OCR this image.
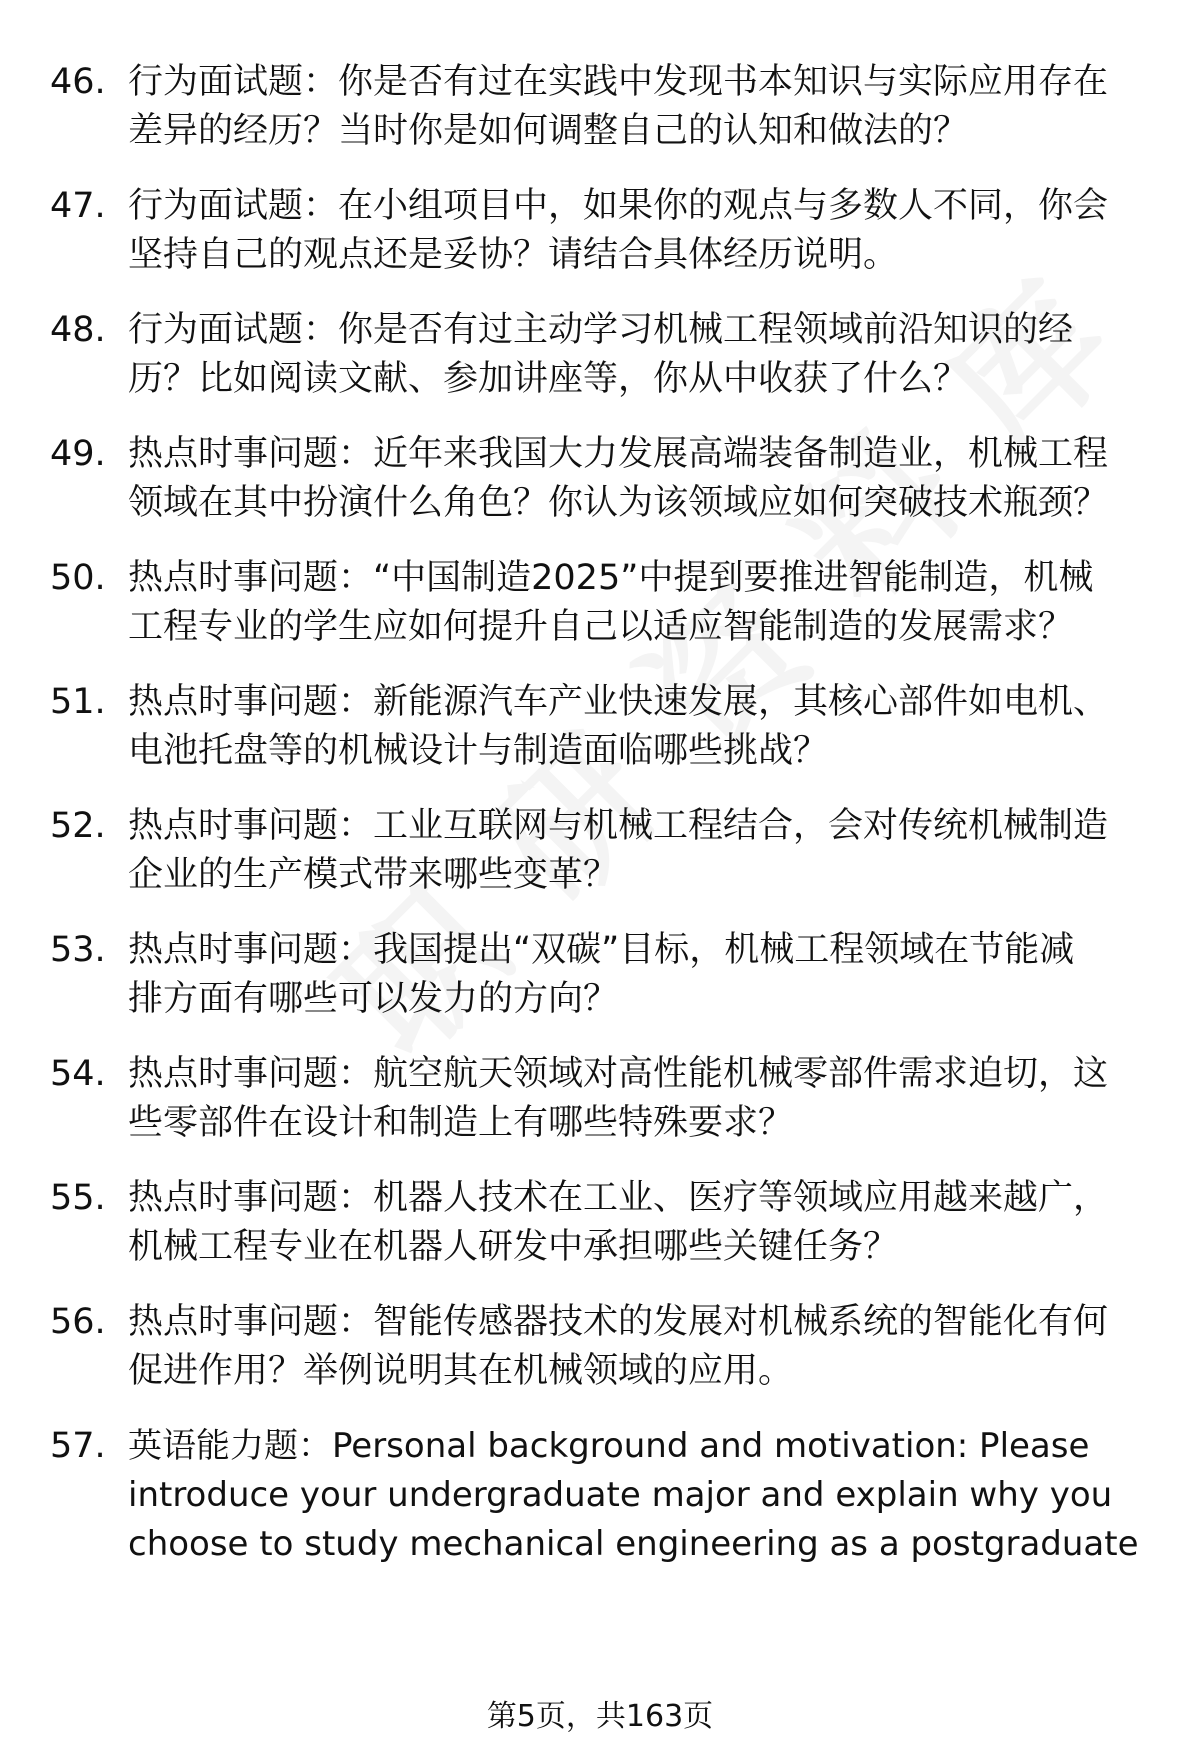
46. 行为面试题：你是否有过在实践中发现书本知识与实际应用存在
差异的经历？当时你是如何调整自己的认知和做法的？
47. 行为面试题：在小组项目中，如果你的观点与多数人不同，你会
坚持自己的观点还是妥协？请结合具体经历说明。
48. 行为面试题：你是否有过主动学习机械工程领域前沿知识的经
历？比如阅读文献、参加讲座等，你从中收获了什么？
49. 热点时事问题：近年来我国大力发展高端装备制造业，机械工程
领域在其中扮演什么角色？你认为该领域应如何突破技术瓶颈？
50. 热点时事问题：“中国制造2025”中提到要推进智能制造，机械
工程专业的学生应如何提升自己以适应智能制造的发展需求？
51. 热点时事问题：新能源汽车产业快速发展，其核心部件如电机、
电池托盘等的机械设计与制造面临哪些挑战？
52. 热点时事问题：工业互联网与机械工程结合，会对传统机械制造
企业的生产模式带来哪些变革？
53. 热点时事问题：我国提出“双碳”目标，机械工程领域在节能减
排方面有哪些可以发力的方向？
54. 热点时事问题：航空航天领域对高性能机械零部件需求迫切，这
些零部件在设计和制造上有哪些特殊要求？
55. 热点时事问题：机器人技术在工业、医疗等领域应用越来越广，
机械工程专业在机器人研发中承担哪些关键任务？
56. 热点时事问题：智能传感器技术的发展对机械系统的智能化有何
促进作用？举例说明其在机械领域的应用。
57. 英语能力题：Personal background and motivation: Please
introduce your undergraduate major and explain why you
choose to study mechanical engineering as a postgraduate
第5页，共163页
